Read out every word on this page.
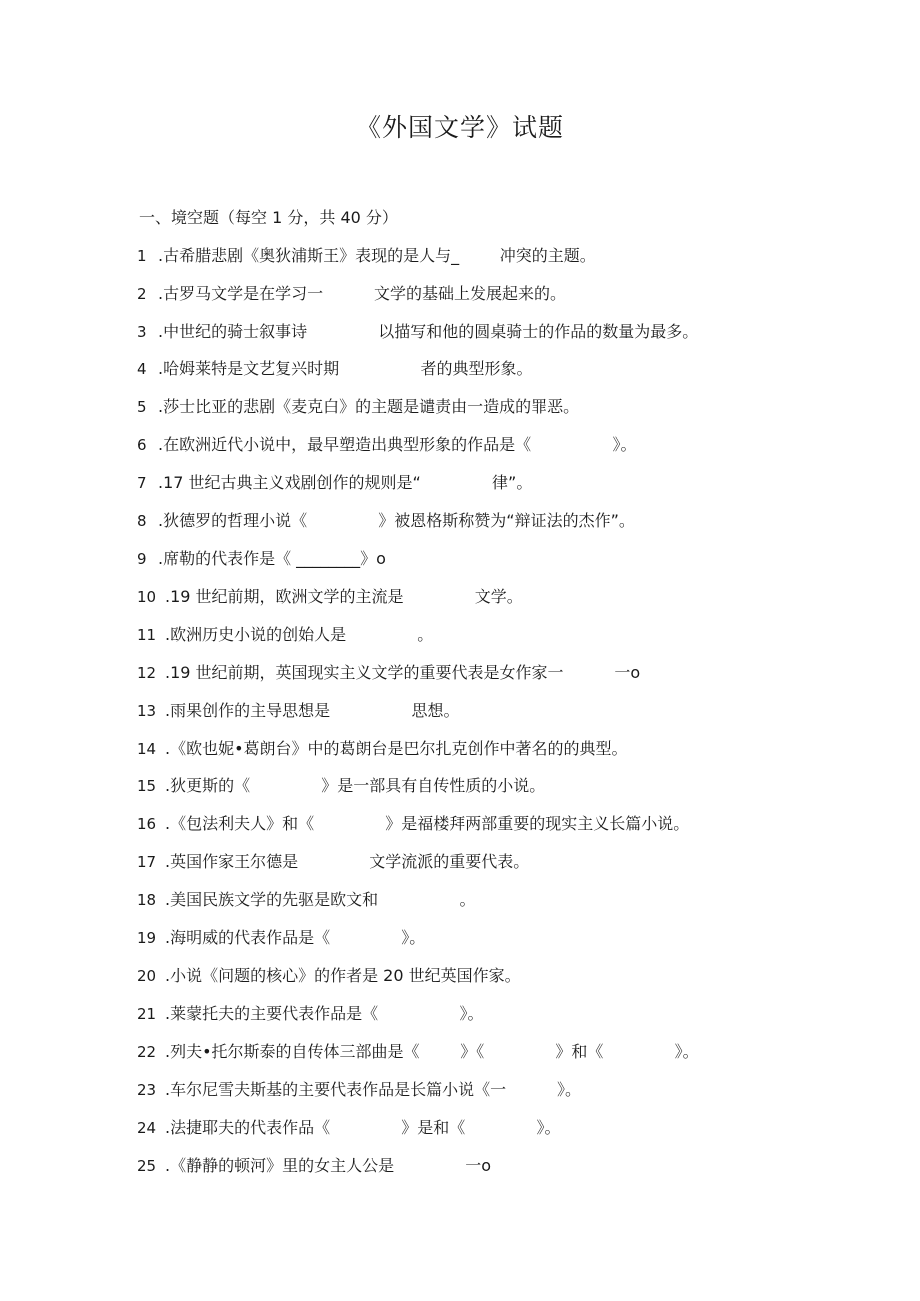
《外国文学》试题
一、境空题（每空 1 分，共 40 分）
1 .古希腊悲剧《奥狄浦斯王》表现的是人与_        冲突的主题。
2 .古罗马文学是在学习一          文学的基础上发展起来的。
3 .中世纪的骑士叙事诗              以描写和他的圆桌骑士的作品的数量为最多。
4 .哈姆莱特是文艺复兴时期                者的典型形象。
5 .莎士比亚的悲剧《麦克白》的主题是谴责由一造成的罪恶。
6 .在欧洲近代小说中，最早塑造出典型形象的作品是《                》。
7 .17 世纪古典主义戏剧创作的规则是“              律”。
8 .狄德罗的哲理小说《              》被恩格斯称赞为“辩证法的杰作”。
9 .席勒的代表作是《 ________》o
10 .19 世纪前期，欧洲文学的主流是              文学。
11 .欧洲历史小说的创始人是              。
12 .19 世纪前期，英国现实主义文学的重要代表是女作家一          一o
13 .雨果创作的主导思想是                思想。
14 .《欧也妮•葛朗台》中的葛朗台是巴尔扎克创作中著名的的典型。
15 .狄更斯的《              》是一部具有自传性质的小说。
16 .《包法利夫人》和《              》是福楼拜两部重要的现实主义长篇小说。
17 .英国作家王尔德是              文学流派的重要代表。
18 .美国民族文学的先驱是欧文和                。
19 .海明威的代表作品是《              》。
20 .小说《问题的核心》的作者是 20 世纪英国作家。
21 .莱蒙托夫的主要代表作品是《                》。
22 .列夫•托尔斯泰的自传体三部曲是《        》《              》和《              》。
23 .车尔尼雪夫斯基的主要代表作品是长篇小说《一          》。
24 .法捷耶夫的代表作品《              》是和《              》。
25 .《静静的顿河》里的女主人公是              一o
